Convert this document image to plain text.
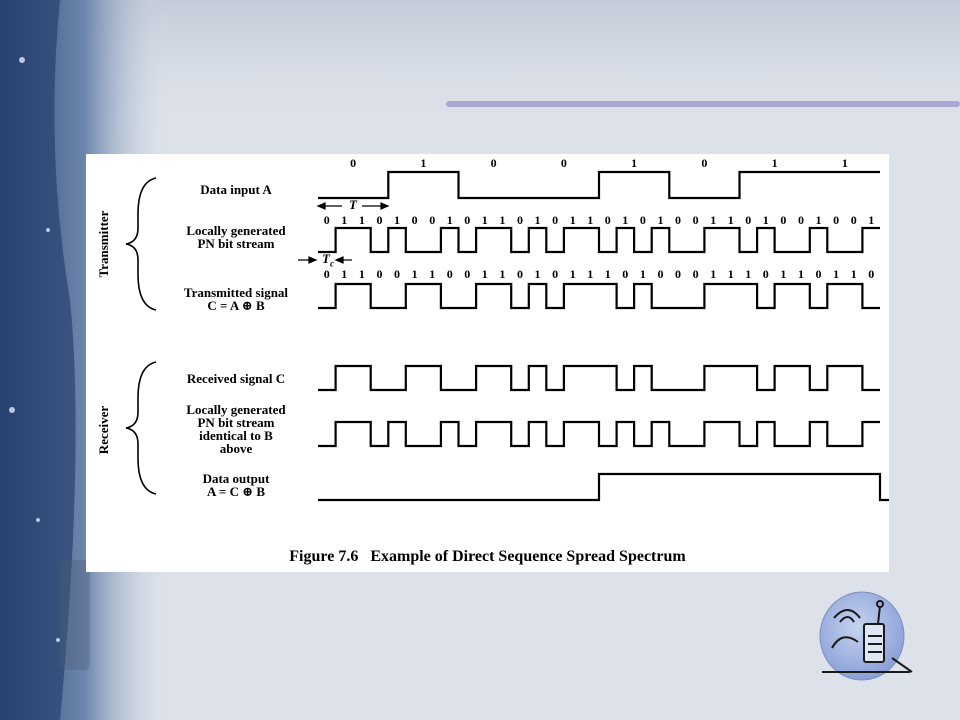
Transmitter
Receiver
Data input A
Locally generated
PN bit stream
Transmitted signal
C = A ⊕ B
Received signal C
Locally generated
PN bit stream
identical to B
above
Data output
A = C ⊕ B
T
$T_c$
0	1	0	0	1	0	1	1
0 1 1 0 1 0 0 1 0 1 1 0 1 0 1 1 0 1 0 1 0 0 1 1 0 1 0 0 1 0 0 1
0 1 1 0 0 1 1 0 0 1 1 0 1 0 1 1 1 0 1 0 0 0 1 1 1 0 1 1 0 1 1 0
Figure 7.6   Example of Direct Sequence Spread Spectrum
